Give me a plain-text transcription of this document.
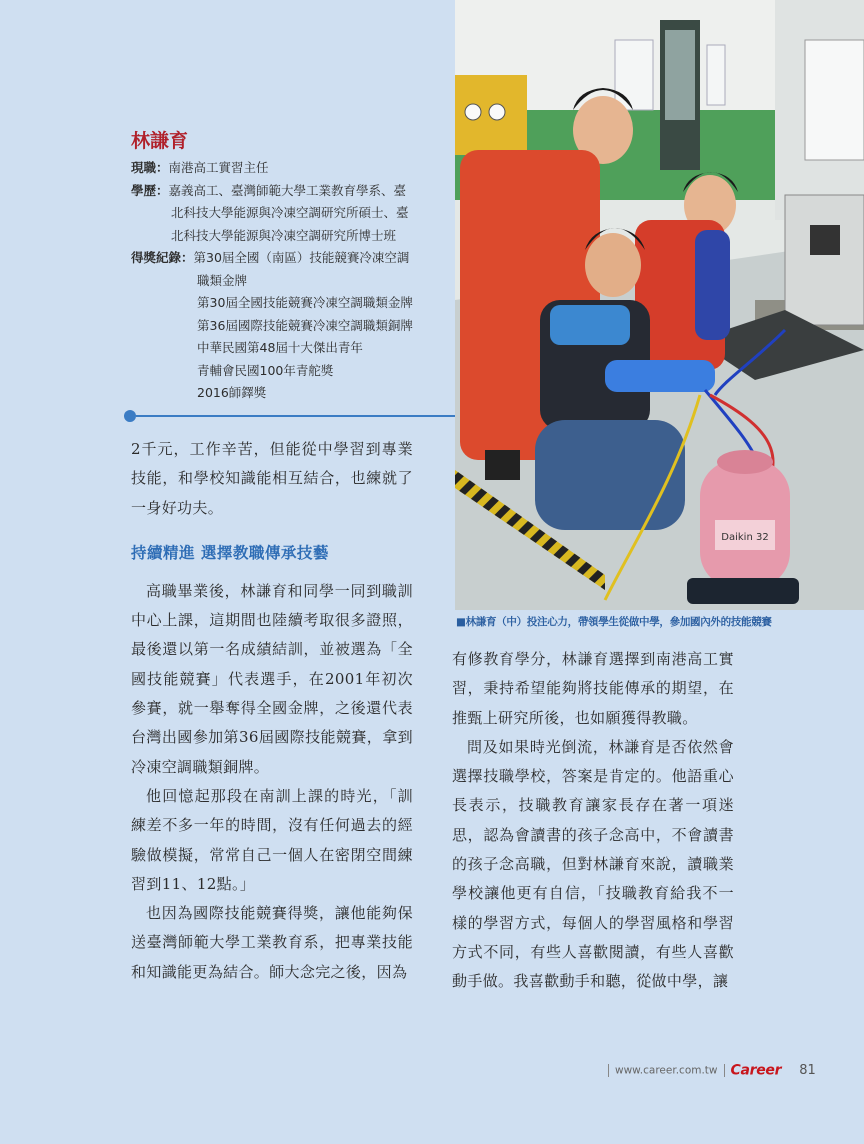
Daikin 32
■林謙育（中）投注心力，帶領學生從做中學，參加國內外的技能競賽
林謙育
現職：南港高工實習主任
學歷：嘉義高工、臺灣師範大學工業教育學系、臺
北科技大學能源與冷凍空調研究所碩士、臺
北科技大學能源與冷凍空調研究所博士班
得獎紀錄：第30屆全國（南區）技能競賽冷凍空調
職類金牌
第30屆全國技能競賽冷凍空調職類金牌
第36屆國際技能競賽冷凍空調職類銅牌
中華民國第48屆十大傑出青年
青輔會民國100年青舵獎
2016師鐸獎

2千元，工作辛苦，但能從中學習到專業技能，和學校知識能相互結合，也練就了一身好功夫。

持續精進 選擇教職傳承技藝

高職畢業後，林謙育和同學一同到職訓中心上課，這期間也陸續考取很多證照，最後還以第一名成績結訓，並被選為「全國技能競賽」代表選手，在2001年初次參賽，就一舉奪得全國金牌，之後還代表台灣出國參加第36屆國際技能競賽，拿到冷凍空調職類銅牌。

他回憶起那段在南訓上課的時光，「訓練差不多一年的時間，沒有任何過去的經驗做模擬，常常自己一個人在密閉空間練習到11、12點。」

也因為國際技能競賽得獎，讓他能夠保送臺灣師範大學工業教育系，把專業技能和知識能更為結合。師大念完之後，因為

有修教育學分，林謙育選擇到南港高工實習，秉持希望能夠將技能傳承的期望，在推甄上研究所後，也如願獲得教職。

問及如果時光倒流，林謙育是否依然會選擇技職學校，答案是肯定的。他語重心長表示，技職教育讓家長存在著一項迷思，認為會讀書的孩子念高中，不會讀書的孩子念高職，但對林謙育來說，讀職業學校讓他更有自信，「技職教育給我不一樣的學習方式，每個人的學習風格和學習方式不同，有些人喜歡閱讀，有些人喜歡動手做。我喜歡動手和聽，從做中學，讓

www.career.com.tw Career 81
